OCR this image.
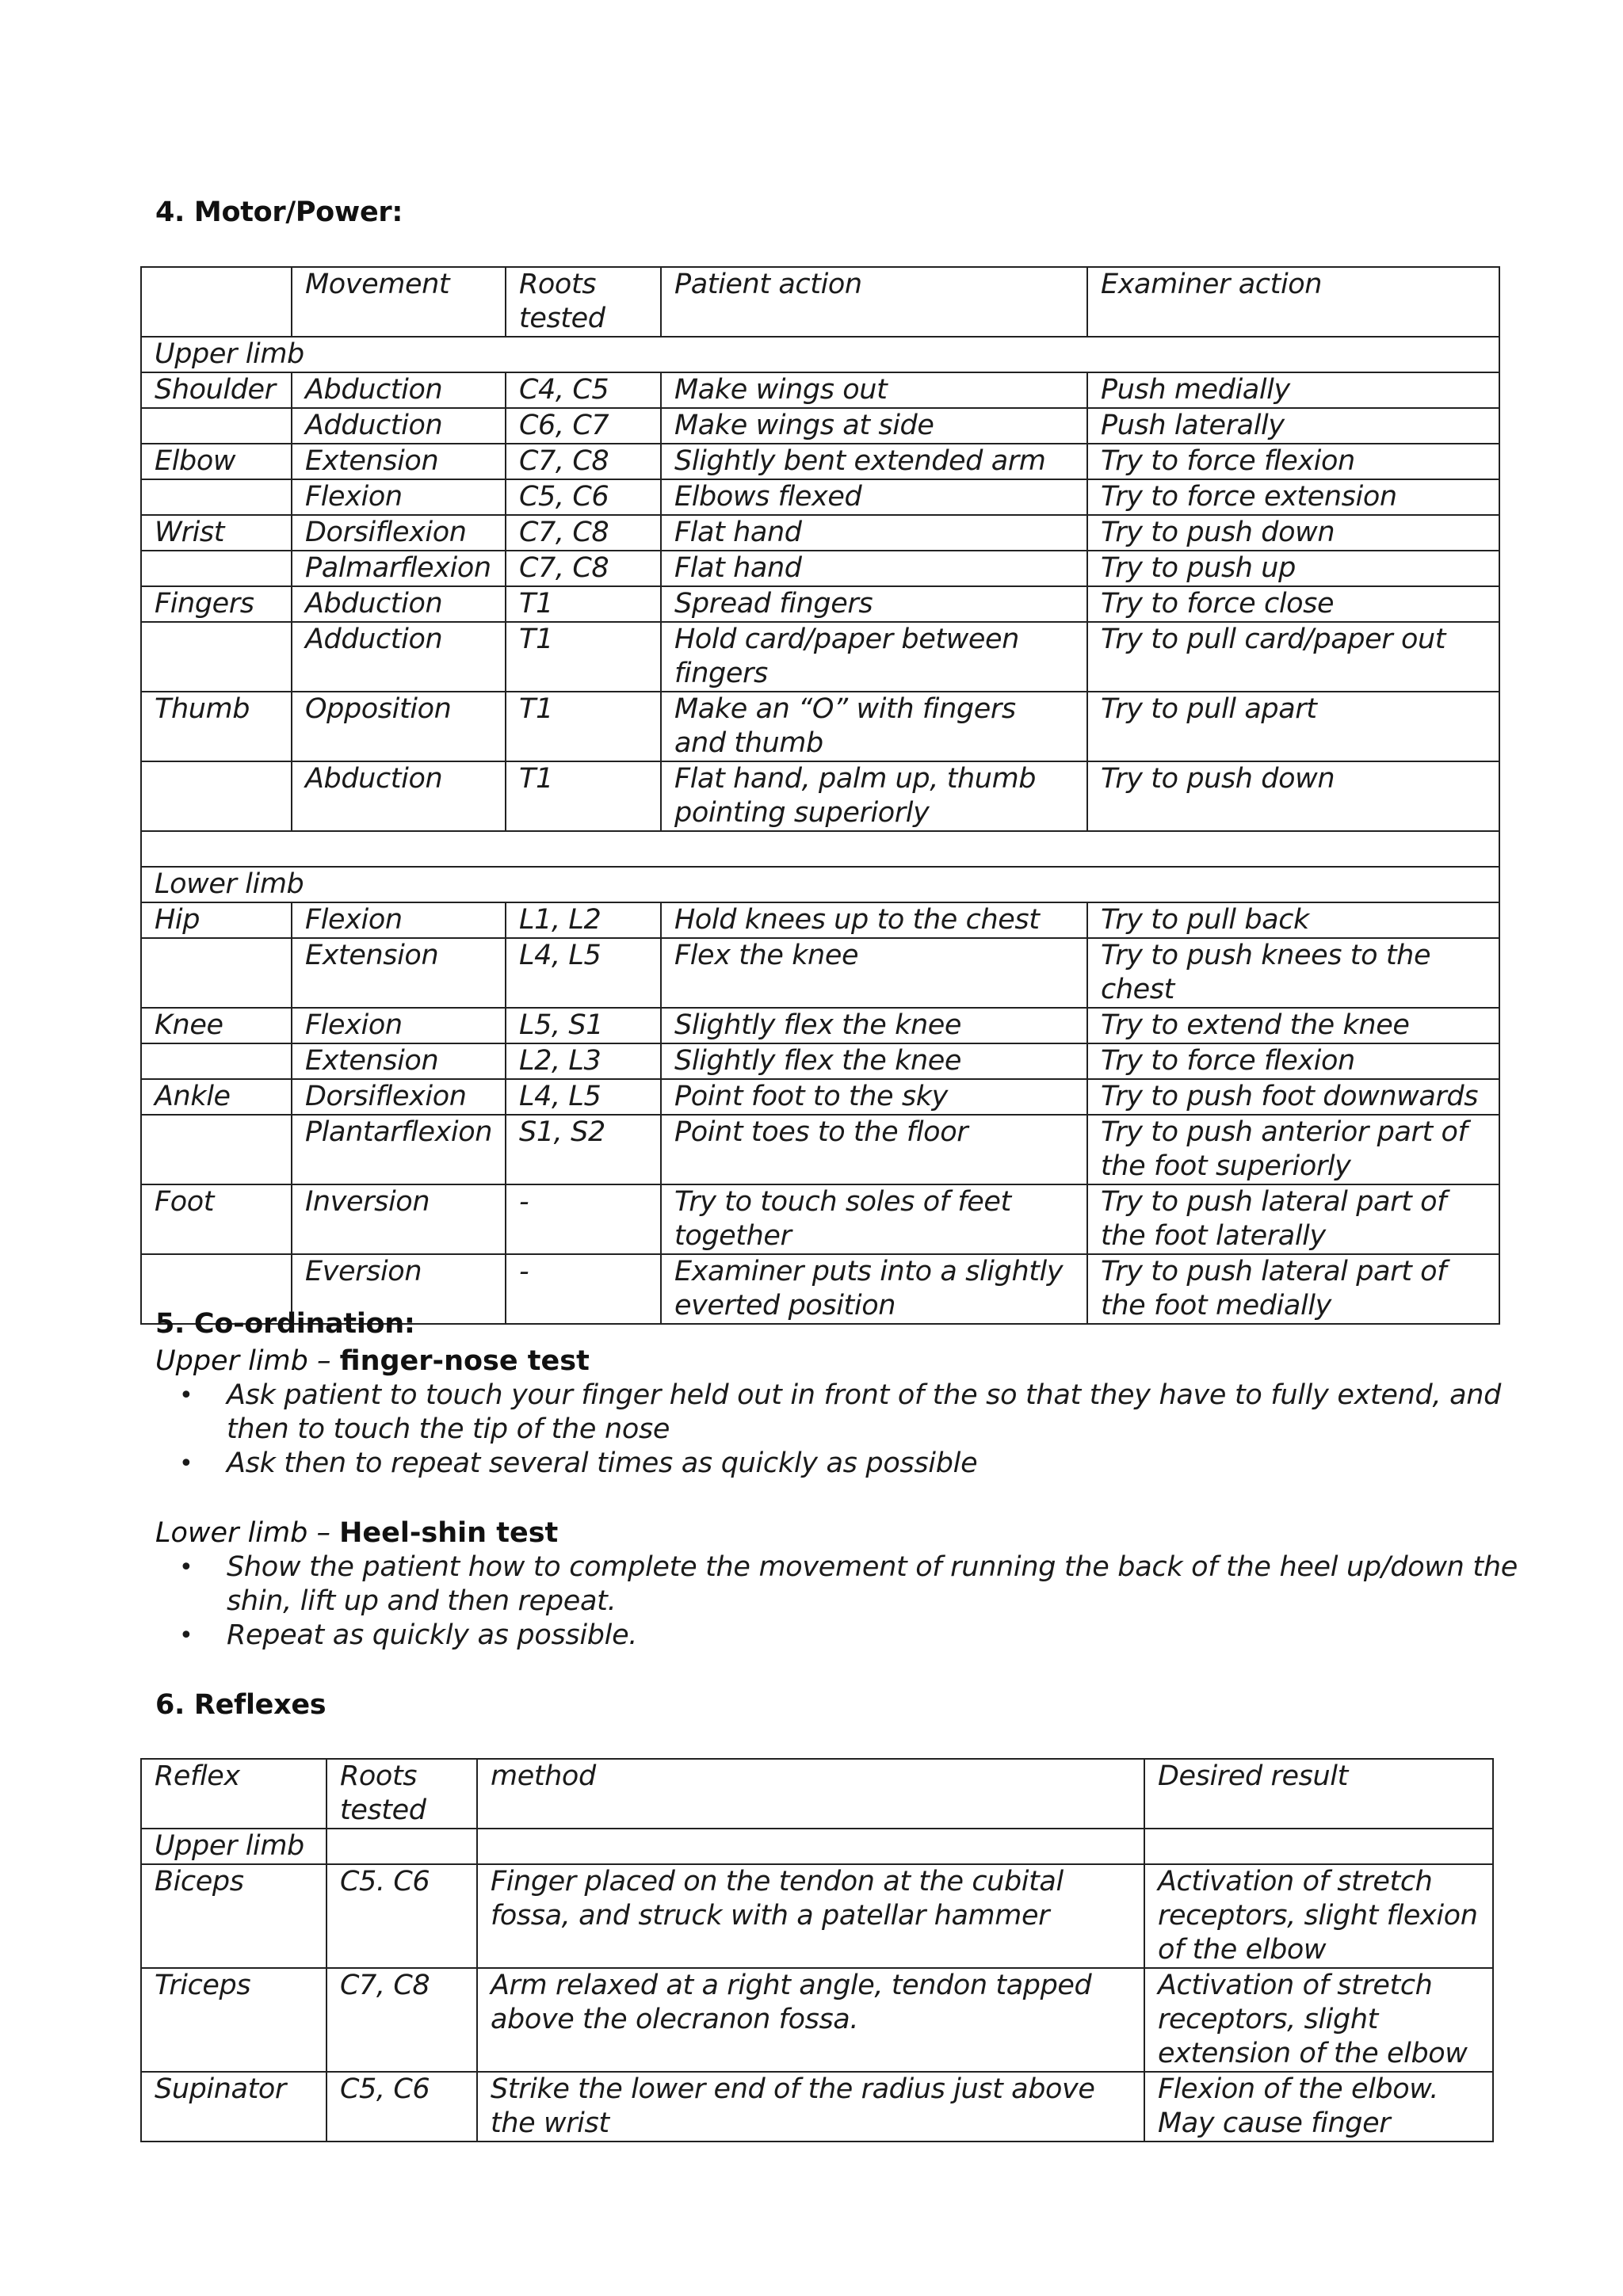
4. Motor/Power:
	Movement	Roots tested	Patient action	Examiner action
Upper limb				
Shoulder	Abduction	C4, C5	Make wings out	Push medially
	Adduction	C6, C7	Make wings at side	Push laterally
Elbow	Extension	C7, C8	Slightly bent extended arm	Try to force flexion
	Flexion	C5, C6	Elbows flexed	Try to force extension
Wrist	Dorsiflexion	C7, C8	Flat hand	Try to push down
	Palmarflexion	C7, C8	Flat hand	Try to push up
Fingers	Abduction	T1	Spread fingers	Try to force close
	Adduction	T1	Hold card/paper between fingers	Try to pull card/paper out
Thumb	Opposition	T1	Make an “O” with fingers and thumb	Try to pull apart
	Abduction	T1	Flat hand, palm up, thumb pointing superiorly	Try to push down

Lower limb				
Hip	Flexion	L1, L2	Hold knees up to the chest	Try to pull back
	Extension	L4, L5	Flex the knee	Try to push knees to the chest
Knee	Flexion	L5, S1	Slightly flex the knee	Try to extend the knee
	Extension	L2, L3	Slightly flex the knee	Try to force flexion
Ankle	Dorsiflexion	L4, L5	Point foot to the sky	Try to push foot downwards
	Plantarflexion	S1, S2	Point toes to the floor	Try to push anterior part of the foot superiorly
Foot	Inversion	-	Try to touch soles of feet together	Try to push lateral part of the foot laterally
	Eversion	-	Examiner puts into a slightly everted position	Try to push lateral part of the foot medially
5. Co-ordination:
Upper limb – finger-nose test
• Ask patient to touch your finger held out in front of the so that they have to fully extend, and then to touch the tip of the nose
• Ask then to repeat several times as quickly as possible
Lower limb – Heel-shin test
• Show the patient how to complete the movement of running the back of the heel up/down the shin, lift up and then repeat.
• Repeat as quickly as possible.
6. Reflexes
Reflex	Roots tested	method	Desired result
Upper limb			
Biceps	C5. C6	Finger placed on the tendon at the cubital fossa, and struck with a patellar hammer	Activation of stretch receptors, slight flexion of the elbow
Triceps	C7, C8	Arm relaxed at a right angle, tendon tapped above the olecranon fossa.	Activation of stretch receptors, slight extension of the elbow
Supinator	C5, C6	Strike the lower end of the radius just above the wrist	Flexion of the elbow. May cause finger
